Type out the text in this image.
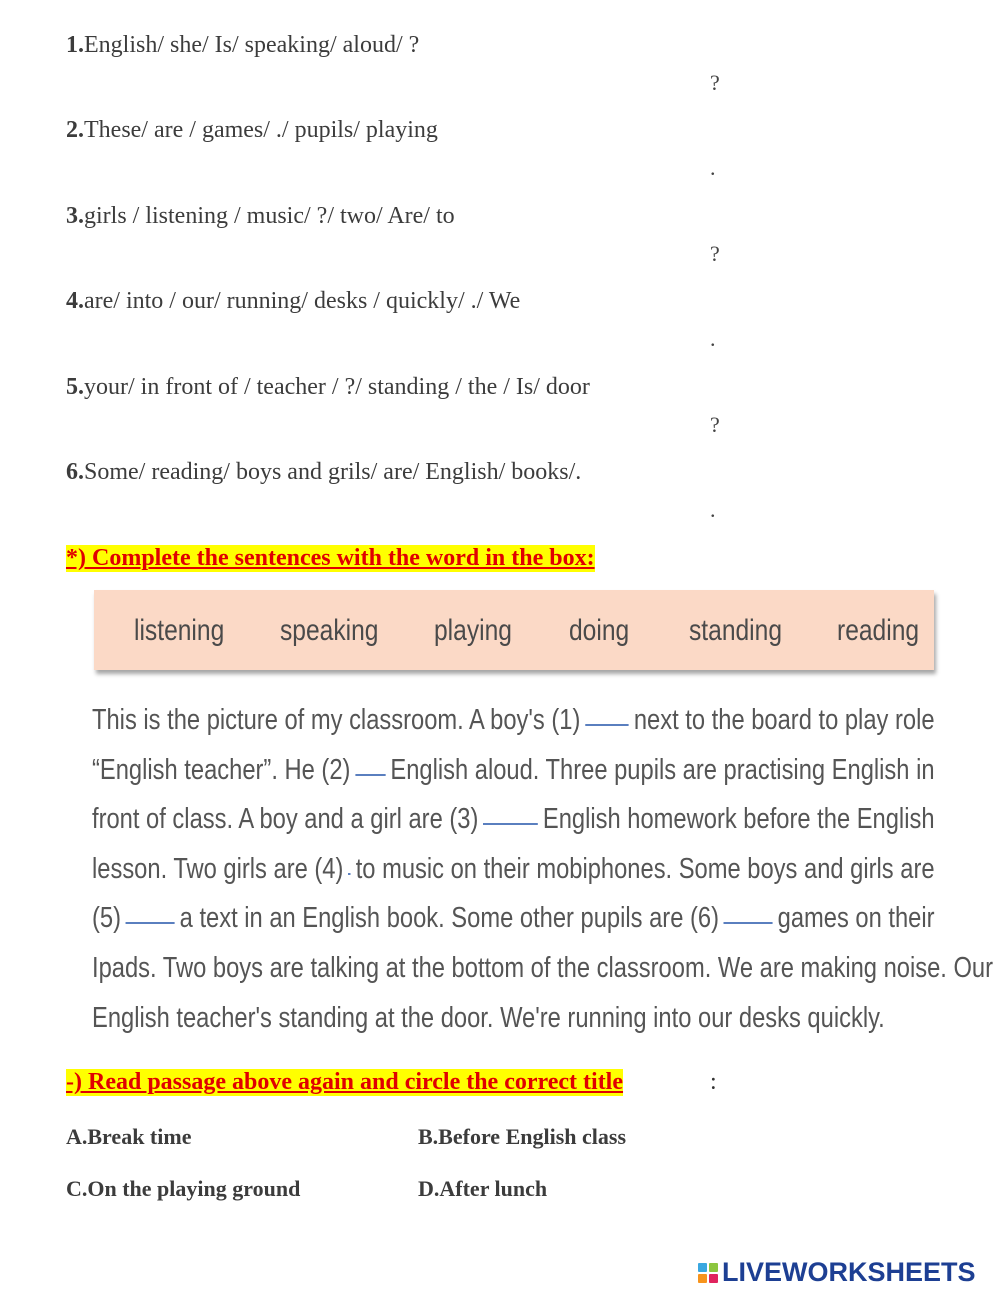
1.English/ she/ Is/ speaking/ aloud/ ?
?
2.These/ are / games/ ./ pupils/ playing
.
3.girls / listening / music/ ?/ two/ Are/ to
?
4.are/ into / our/ running/ desks / quickly/ ./ We
.
5.your/ in front of / teacher / ?/ standing / the / Is/ door
?
6.Some/ reading/ boys and grils/ are/ English/ books/.
.
*) Complete the sentences with the word in the box:
listening speaking playing doing standing reading
This is the picture of my classroom. A boy's (1) next to the board to play role
“English teacher”. He (2) English aloud. Three pupils are practising English in
front of class. A boy and a girl are (3) English homework before the English
lesson. Two girls are (4) to music on their mobiphones. Some boys and girls are
(5) a text in an English book. Some other pupils are (6) games on their
Ipads. Two boys are talking at the bottom of the classroom. We are making noise. Our
English teacher's standing at the door. We're running into our desks quickly.
-) Read passage above again and circle the correct title	:
A.Break time	B.Before English class
C.On the playing ground	D.After lunch
LIVEWORKSHEETS
